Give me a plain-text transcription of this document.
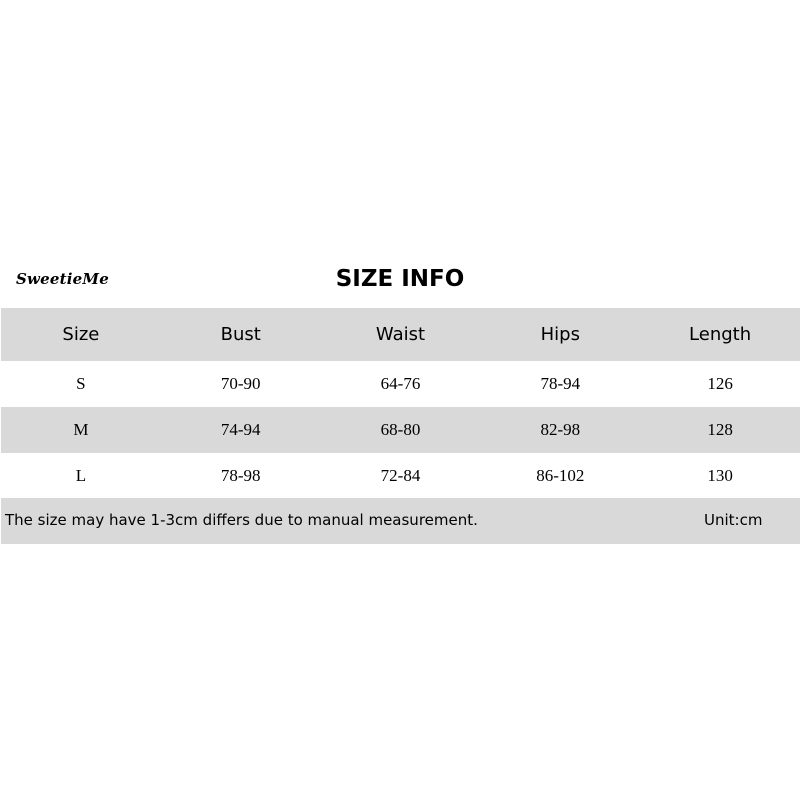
SweetieMe	SIZE INFO
Size	Bust	Waist	Hips	Length
S	70-90	64-76	78-94	126
M	74-94	68-80	82-98	128
L	78-98	72-84	86-102	130
The size may have 1-3cm differs due to manual measurement.	Unit:cm
